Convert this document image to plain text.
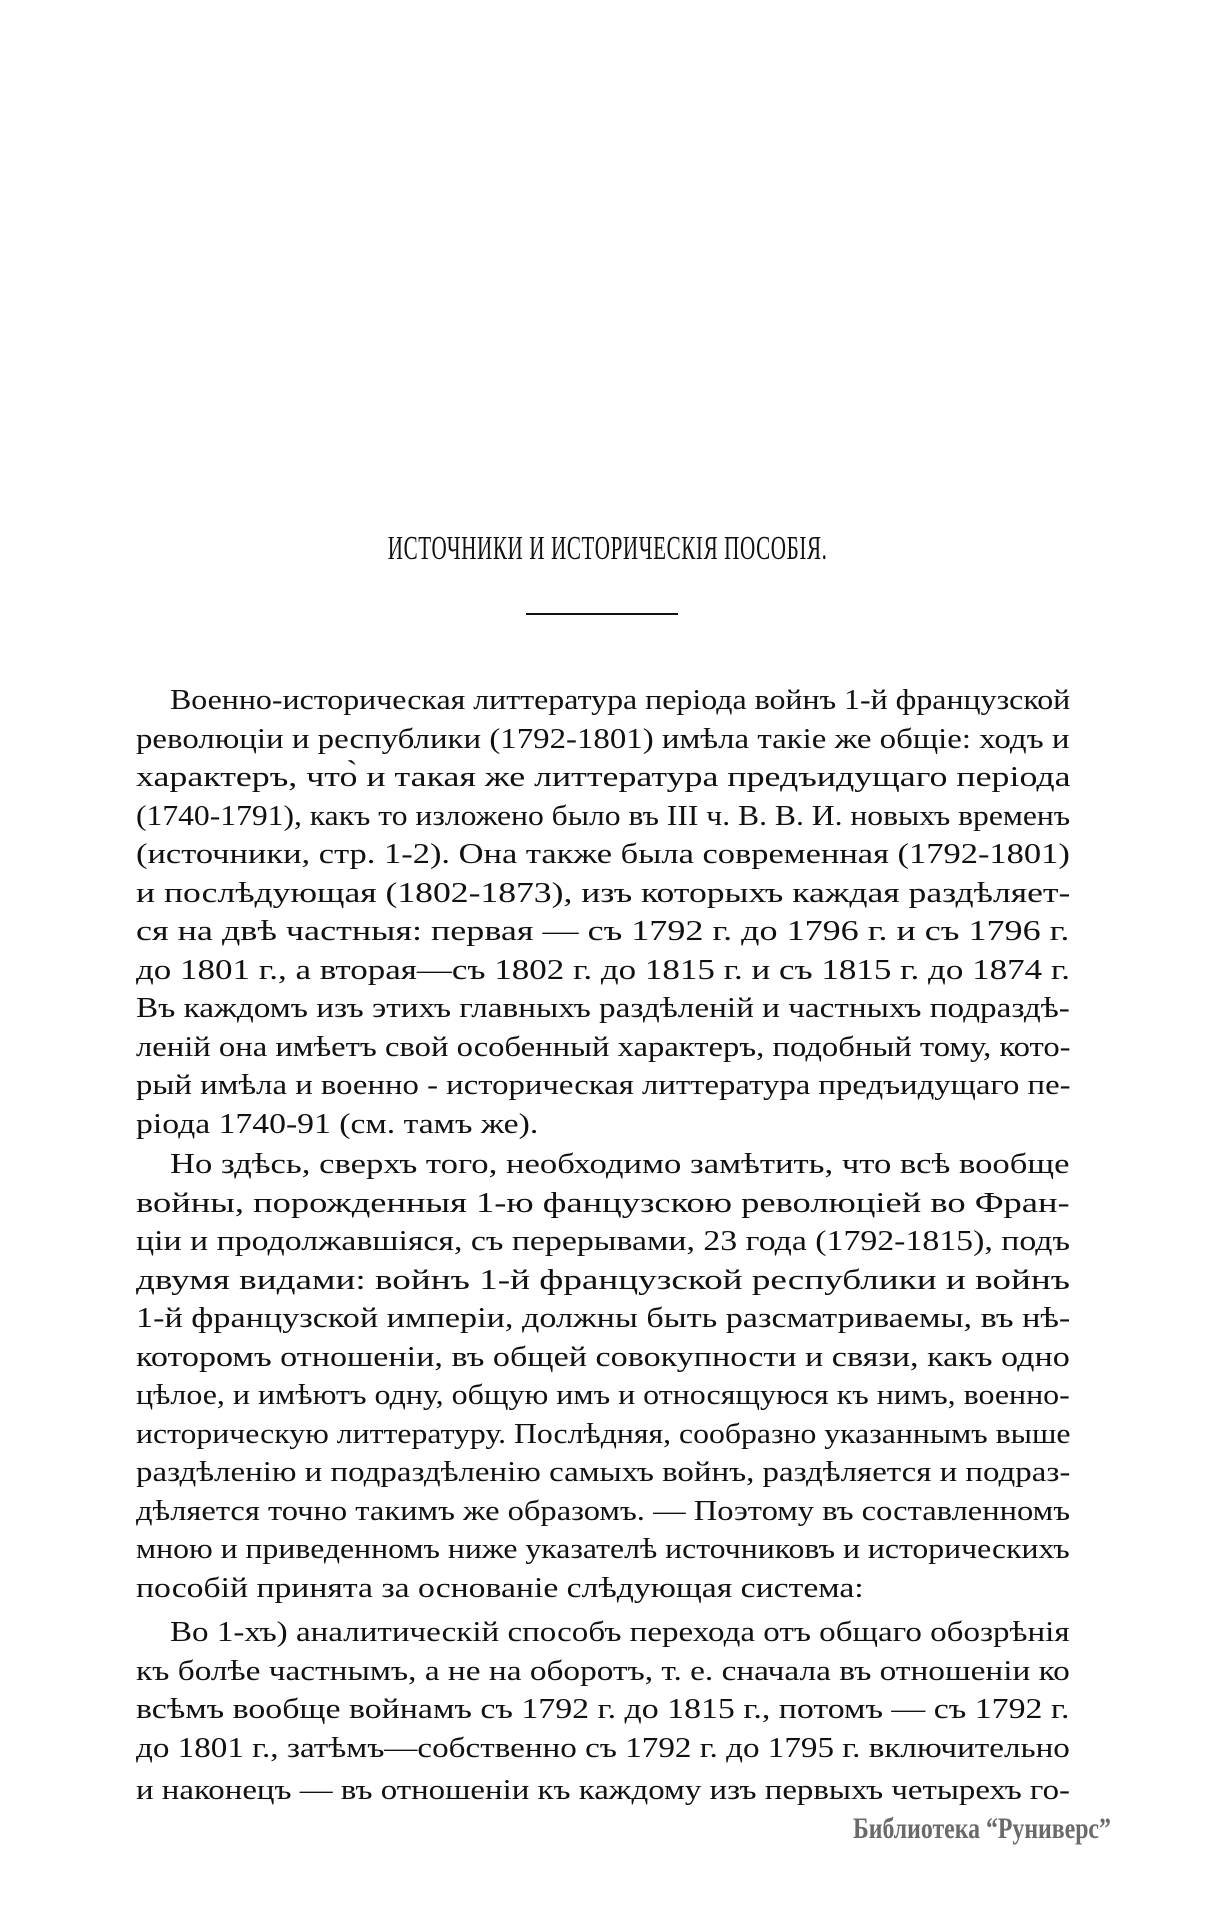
ИСТОЧНИКИ И ИСТОРИЧЕСКІЯ ПОСОБІЯ.
Военно-историческая литтература періода войнъ 1-й французской
революціи и республики (1792-1801) имѣла такіе же общіе: ходъ и
характеръ, что̀ и такая же литтература предъидущаго періода
(1740-1791), какъ то изложено было въ III ч. В. В. И. новыхъ временъ
(источники, стр. 1-2). Она также была современная (1792-1801)
и послѣдующая (1802-1873), изъ которыхъ каждая раздѣляет-
ся на двѣ частныя: первая — съ 1792 г. до 1796 г. и съ 1796 г.
до 1801 г., а вторая—съ 1802 г. до 1815 г. и съ 1815 г. до 1874 г.
Въ каждомъ изъ этихъ главныхъ раздѣленій и частныхъ подраздѣ-
леній она имѣетъ свой особенный характеръ, подобный тому, кото-
рый имѣла и военно - историческая литтература предъидущаго пе-
ріода 1740-91 (см. тамъ же).
Но здѣсь, сверхъ того, необходимо замѣтить, что всѣ вообще
войны, порожденныя 1-ю фанцузскою революціей во Фран-
ціи и продолжавшіяся, съ перерывами, 23 года (1792-1815), подъ
двумя видами: войнъ 1-й французской республики и войнъ
1-й французской имперіи, должны быть разсматриваемы, въ нѣ-
которомъ отношеніи, въ общей совокупности и связи, какъ одно
цѣлое, и имѣютъ одну, общую имъ и относящуюся къ нимъ, военно-
историческую литтературу. Послѣдняя, сообразно указаннымъ выше
раздѣленію и подраздѣленію самыхъ войнъ, раздѣляется и подраз-
дѣляется точно такимъ же образомъ. — Поэтому въ составленномъ
мною и приведенномъ ниже указателѣ источниковъ и историческихъ
пособій принята за основаніе слѣдующая система:
Во 1-хъ) аналитическій способъ перехода отъ общаго обозрѣнія
къ болѣе частнымъ, а не на оборотъ, т. е. сначала въ отношеніи ко
всѣмъ вообще войнамъ съ 1792 г. до 1815 г., потомъ — съ 1792 г.
до 1801 г., затѣмъ—собственно съ 1792 г. до 1795 г. включительно
и наконецъ — въ отношеніи къ каждому изъ первыхъ четырехъ го-
Библиотека “Руниверс”
